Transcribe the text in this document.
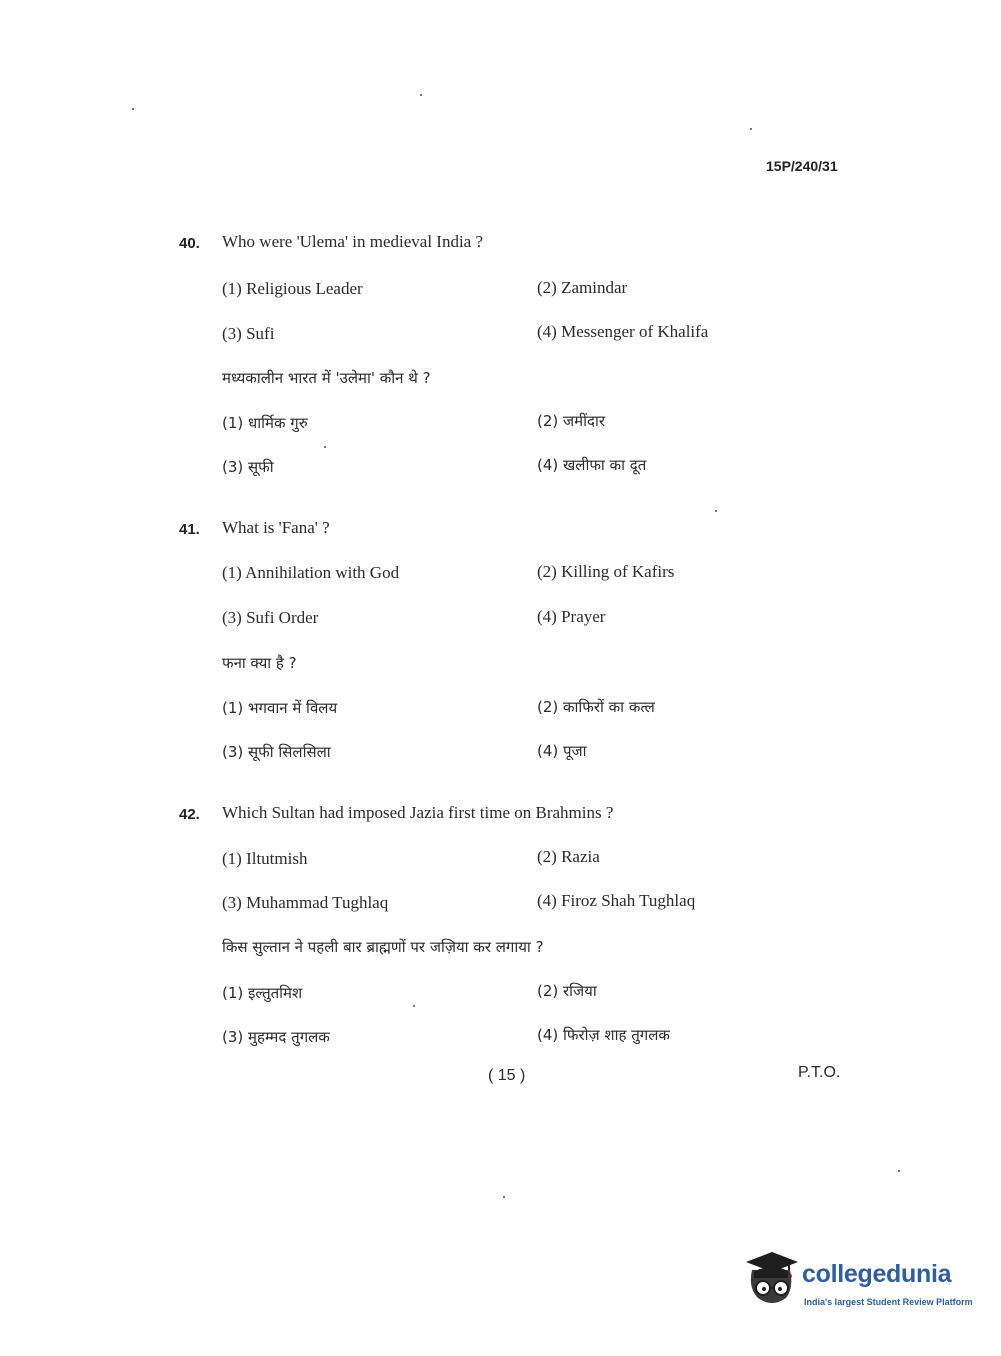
15P/240/31
40. Who were 'Ulema' in medieval India ?
(1) Religious Leader	(2) Zamindar
(3) Sufi	(4) Messenger of Khalifa
मध्यकालीन भारत में 'उलेमा' कौन थे ?
(1) धार्मिक गुरु	(2) जमींदार
(3) सूफी	(4) खलीफा का दूत
41. What is 'Fana' ?
(1) Annihilation with God	(2) Killing of Kafirs
(3) Sufi Order	(4) Prayer
फना क्या है ?
(1) भगवान में विलय	(2) काफिरों का कत्ल
(3) सूफी सिलसिला	(4) पूजा
42. Which Sultan had imposed Jazia first time on Brahmins ?
(1) Iltutmish	(2) Razia
(3) Muhammad Tughlaq	(4) Firoz Shah Tughlaq
किस सुल्तान ने पहली बार ब्राह्मणों पर जज़िया कर लगाया ?
(1) इल्तुतमिश	(2) रजिया
(3) मुहम्मद तुगलक	(4) फिरोज़ शाह तुगलक
( 15 )	P.T.O.
collegedunia
India's largest Student Review Platform
